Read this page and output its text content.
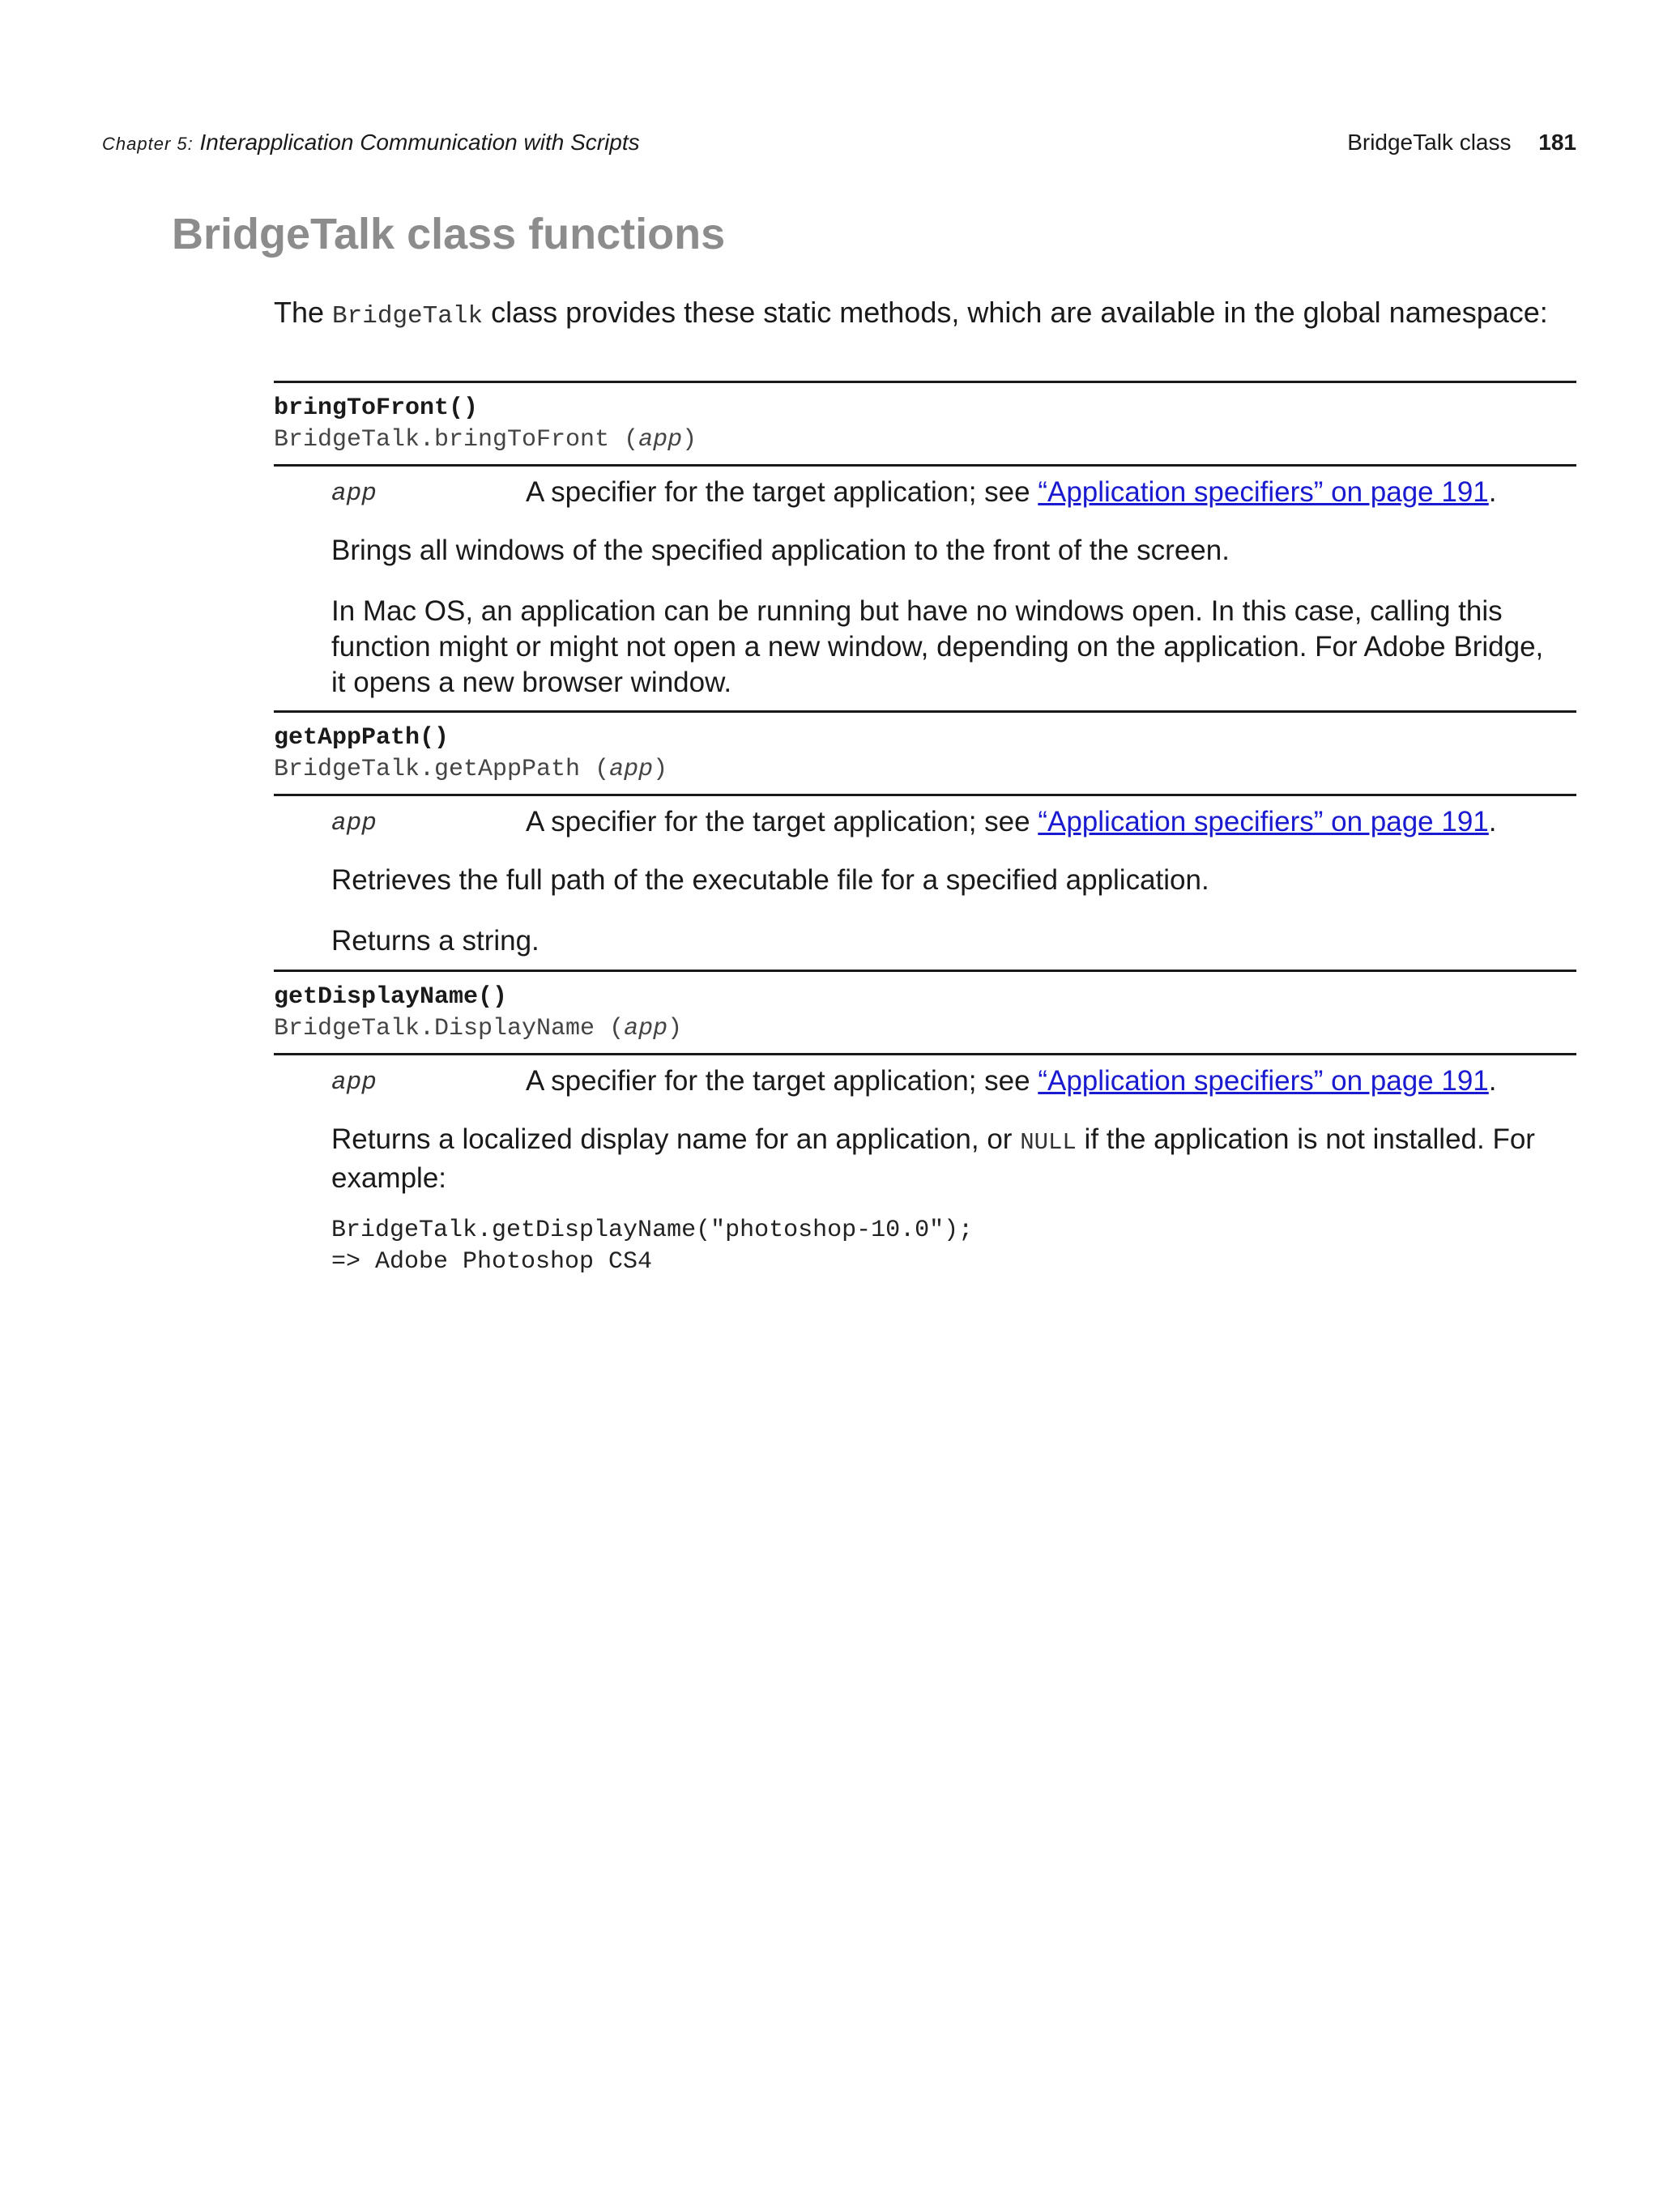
Chapter 5: Interapplication Communication with Scripts	BridgeTalk class 181
BridgeTalk class functions

The BridgeTalk class provides these static methods, which are available in the global namespace:

bringToFront()
BridgeTalk.bringToFront (app)
app	A specifier for the target application; see “Application specifiers” on page 191.

Brings all windows of the specified application to the front of the screen.

In Mac OS, an application can be running but have no windows open. In this case, calling this function might or might not open a new window, depending on the application. For Adobe Bridge, it opens a new browser window.

getAppPath()
BridgeTalk.getAppPath (app)
app	A specifier for the target application; see “Application specifiers” on page 191.

Retrieves the full path of the executable file for a specified application.

Returns a string.

getDisplayName()
BridgeTalk.DisplayName (app)
app	A specifier for the target application; see “Application specifiers” on page 191.

Returns a localized display name for an application, or NULL if the application is not installed. For example:

BridgeTalk.getDisplayName("photoshop-10.0");
=> Adobe Photoshop CS4
